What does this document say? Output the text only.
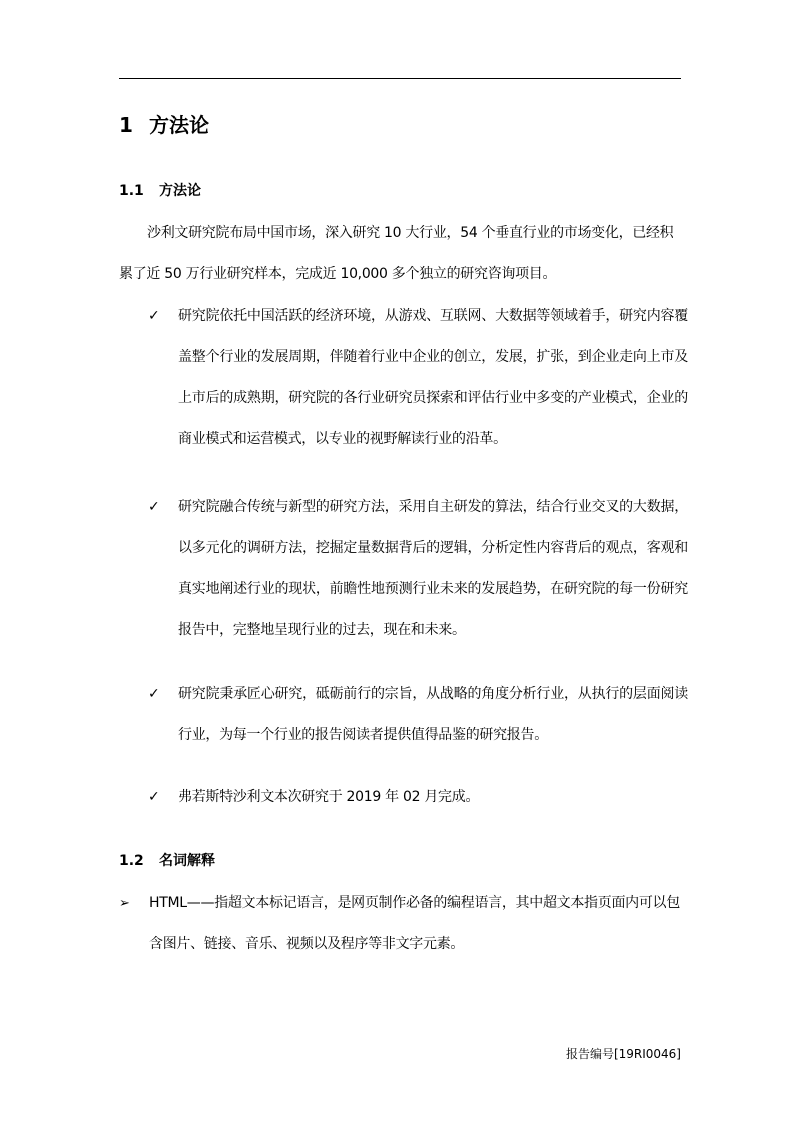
1 方法论
1.1 方法论

沙利文研究院布局中国市场，深入研究 10 大行业，54 个垂直行业的市场变化，已经积累了近 50 万行业研究样本，完成近 10,000 多个独立的研究咨询项目。

✓	研究院依托中国活跃的经济环境，从游戏、互联网、大数据等领域着手，研究内容覆盖整个行业的发展周期，伴随着行业中企业的创立，发展，扩张，到企业走向上市及上市后的成熟期，研究院的各行业研究员探索和评估行业中多变的产业模式，企业的商业模式和运营模式，以专业的视野解读行业的沿革。

✓	研究院融合传统与新型的研究方法，采用自主研发的算法，结合行业交叉的大数据，以多元化的调研方法，挖掘定量数据背后的逻辑，分析定性内容背后的观点，客观和真实地阐述行业的现状，前瞻性地预测行业未来的发展趋势，在研究院的每一份研究报告中，完整地呈现行业的过去，现在和未来。

✓	研究院秉承匠心研究，砥砺前行的宗旨，从战略的角度分析行业，从执行的层面阅读行业，为每一个行业的报告阅读者提供值得品鉴的研究报告。

✓	弗若斯特沙利文本次研究于 2019 年 02 月完成。

1.2 名词解释
➢ HTML——指超文本标记语言，是网页制作必备的编程语言，其中超文本指页面内可以包含图片、链接、音乐、视频以及程序等非文字元素。

报告编号[19RI0046]
